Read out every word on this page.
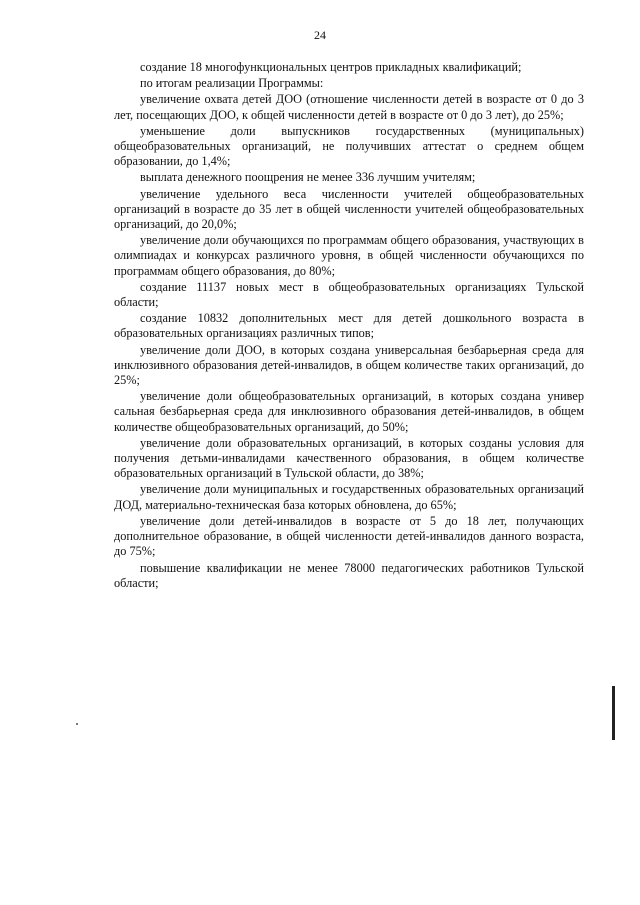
24

создание 18 многофункциональных центров прикладных квалификаций;

по итогам реализации Программы:

увеличение охвата детей ДОО (отношение численности детей в возрасте от 0 до 3 лет, посещающих ДОО, к общей численности детей в возрасте от 0 до 3 лет), до 25%;

уменьшение доли выпускников государственных (муниципальных) общеобразовательных организаций, не получивших аттестат о среднем общем образовании, до 1,4%;

выплата денежного поощрения не менее 336 лучшим учителям;

увеличение удельного веса численности учителей общеобразовательных организаций в возрасте до 35 лет в общей численности учителей общеобразовательных организаций, до 20,0%;

увеличение доли обучающихся по программам общего образования, участвующих в олимпиадах и конкурсах различного уровня, в общей численности обучающихся по программам общего образования, до 80%;

создание 11137 новых мест в общеобразовательных организациях Тульской области;

создание 10832 дополнительных мест для детей дошкольного возраста в образовательных организациях различных типов;

увеличение доли ДОО, в которых создана универсальная безбарьерная среда для инклюзивного образования детей-инвалидов, в общем количестве таких организаций, до 25%;

увеличение доли общеобразовательных организаций, в которых создана универ сальная безбарьерная среда для инклюзивного образования детей-инвалидов, в общем количестве общеобразовательных организаций, до 50%;

увеличение доли образовательных организаций, в которых созданы условия для получения детьми-инвалидами качественного образования, в общем количестве образовательных организаций в Тульской области, до 38%;

увеличение доли муниципальных и государственных образовательных организаций ДОД, материально-техническая база которых обновлена, до 65%;

увеличение доли детей-инвалидов в возрасте от 5 до 18 лет, получающих дополнительное образование, в общей численности детей-инвалидов данного возраста, до 75%;

повышение квалификации не менее 78000 педагогических работников Тульской области;
